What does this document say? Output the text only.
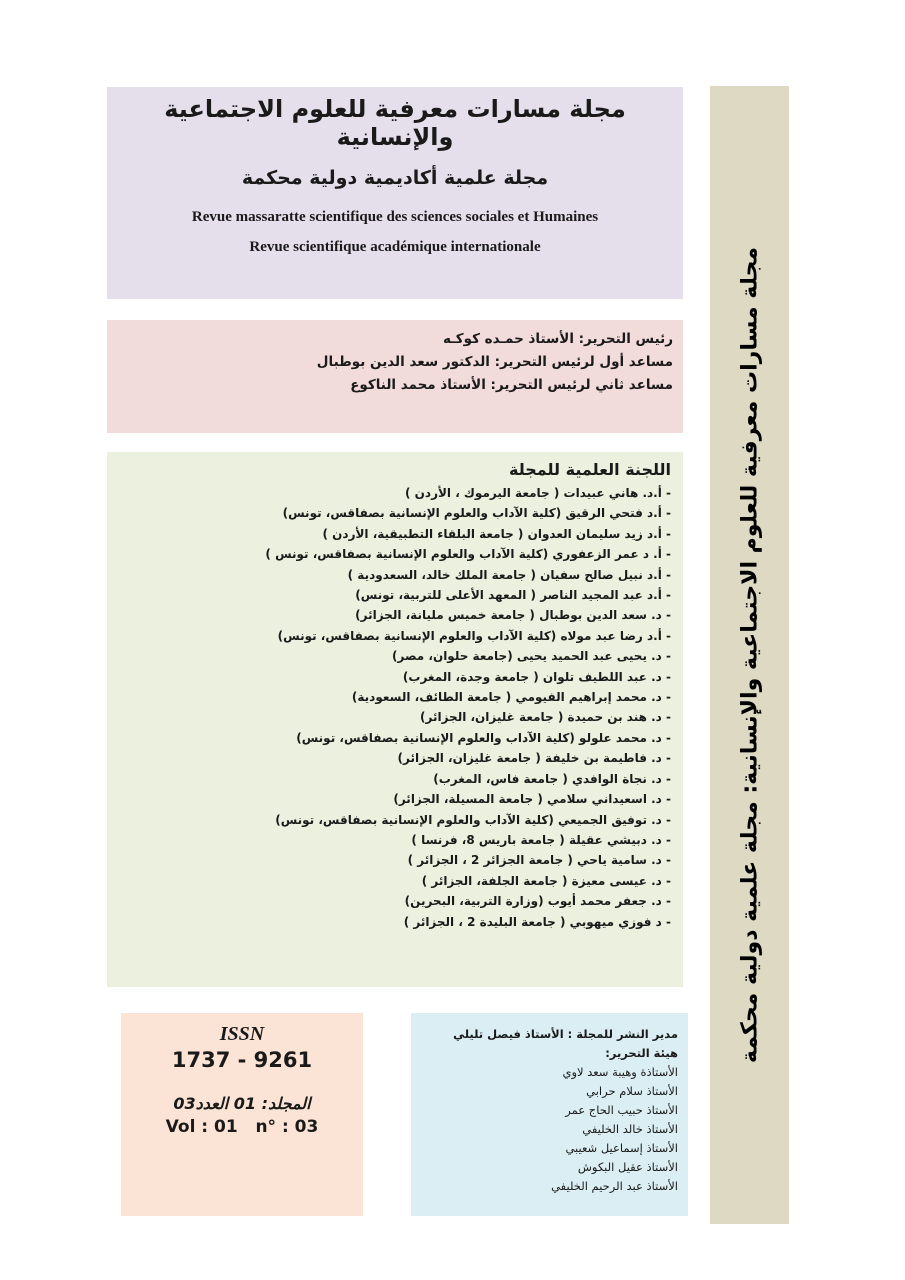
مجلة مسارات معرفية للعلوم الاجتماعية والإنسانية
مجلة علمية أكاديمية دولية محكمة
Revue massaratte scientifique des sciences sociales et Humaines
Revue scientifique académique internationale
رئيس التحرير: الأستاذ حمـده كوكـه
مساعد أول لرئيس التحرير: الدكتور سعد الدين بوطبال
مساعد ثاني لرئيس التحرير: الأستاذ محمد الناكوع
اللجنة العلمية للمجلة
- أ.د. هاني عبيدات ( جامعة اليرموك ، الأردن )
- أ.د فتحي الرقيق (كلية الآداب والعلوم الإنسانية بصفاقس، تونس)
- أ.د زيد سليمان العدوان ( جامعة البلقاء التطبيقية، الأردن )
- أ. د عمر الزعفوري (كلية الآداب والعلوم الإنسانية بصفاقس، تونس )
- أ.د نبيل صالح سفيان ( جامعة الملك خالد، السعدودية )
- أ.د عبد المجيد الناصر ( المعهد الأعلى للتربية، تونس)
- د. سعد الدين بوطبال ( جامعة خميس مليانة، الجزائر)
- أ.د رضا عبد مولاه (كلية الآداب والعلوم الإنسانية بصفاقس، تونس)
- د. يحيى عبد الحميد يحيى (جامعة حلوان، مصر)
- د. عبد اللطيف تلوان ( جامعة وجدة، المغرب)
- د. محمد إبراهيم الفيومي ( جامعة الطائف، السعودية)
- د. هند بن حميدة ( جامعة غليزان، الجزائر)
- د. محمد علولو (كلية الآداب والعلوم الإنسانية بصفاقس، تونس)
- د. فاطيمة بن خليفة ( جامعة غليزان، الجزائر)
- د. نجاة الوافدي ( جامعة فاس، المغرب)
- د. اسعيداني سلامي ( جامعة المسيلة، الجزائر)
- د. توفيق الجميعي (كلية الآداب والعلوم الإنسانية بصفاقس، تونس)
- د. دبيشي عقيلة ( جامعة باريس 8، فرنسا )
- د. سامية ياحي ( جامعة الجزائر 2 ، الجزائر )
- د. عيسى معيزة ( جامعة الجلفة، الجزائر )
- د. جعفر محمد أيوب (وزارة التربية، البحرين)
- د فوزي ميهوبي ( جامعة البليدة 2 ، الجزائر )
ISSN
1737 - 9261
المجلد: 01 العدد03
Vol : 01   n° : 03
مدير النشر للمجلة : الأستاذ فيصل تليلي
هيئة التحرير:
الأستاذة وهيبة سعد لاوي
الأستاذ سلام حرابي
الأستاذ حبيب الحاج عمر
الأستاذ خالد الخليفي
الأستاذ إسماعيل شعيبي
الأستاذ عقيل البكوش
الأستاذ عبد الرحيم الخليفي
مجلة مسارات معرفية للعلوم الاجتماعية والإنسانية: مجلة علمية دولية محكمة
